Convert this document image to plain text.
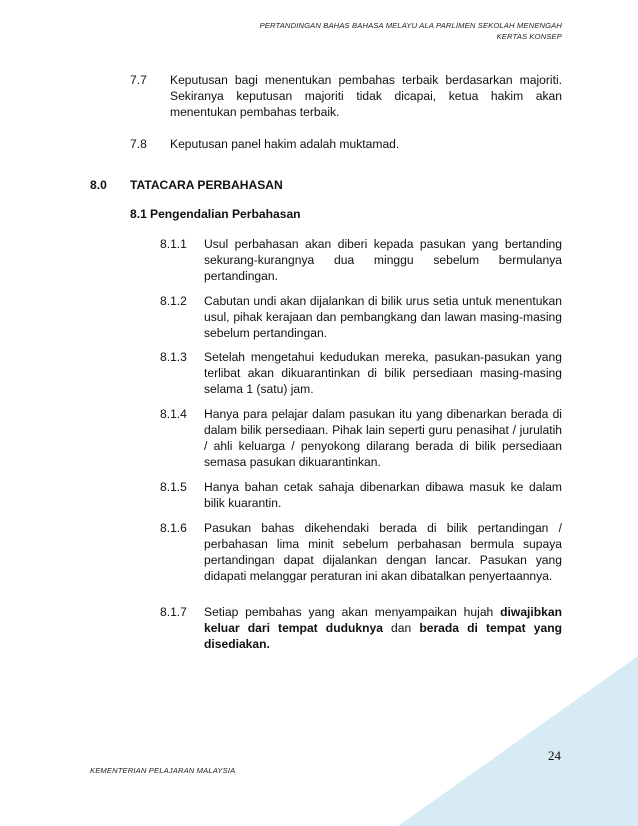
PERTANDINGAN BAHAS BAHASA MELAYU ALA PARLIMEN SEKOLAH MENENGAH
KERTAS KONSEP
7.7 Keputusan bagi menentukan pembahas terbaik berdasarkan majoriti. Sekiranya keputusan majoriti tidak dicapai, ketua hakim akan menentukan pembahas terbaik.
7.8 Keputusan panel hakim adalah muktamad.
8.0 TATACARA PERBAHASAN
8.1 Pengendalian Perbahasan
8.1.1 Usul perbahasan akan diberi kepada pasukan yang bertanding sekurang-kurangnya dua minggu sebelum bermulanya pertandingan.
8.1.2 Cabutan undi akan dijalankan di bilik urus setia untuk menentukan usul, pihak kerajaan dan pembangkang dan lawan masing-masing sebelum pertandingan.
8.1.3 Setelah mengetahui kedudukan mereka, pasukan-pasukan yang terlibat akan dikuarantinkan di bilik persediaan masing-masing selama 1 (satu) jam.
8.1.4 Hanya para pelajar dalam pasukan itu yang dibenarkan berada di dalam bilik persediaan. Pihak lain seperti guru penasihat / jurulatih / ahli keluarga / penyokong dilarang berada di bilik persediaan semasa pasukan dikuarantinkan.
8.1.5 Hanya bahan cetak sahaja dibenarkan dibawa masuk ke dalam bilik kuarantin.
8.1.6 Pasukan bahas dikehendaki berada di bilik pertandingan / perbahasan lima minit sebelum perbahasan bermula supaya pertandingan dapat dijalankan dengan lancar. Pasukan yang didapati melanggar peraturan ini akan dibatalkan penyertaannya.
8.1.7 Setiap pembahas yang akan menyampaikan hujah diwajibkan keluar dari tempat duduknya dan berada di tempat yang disediakan.
24
KEMENTERIAN PELAJARAN MALAYSIA
